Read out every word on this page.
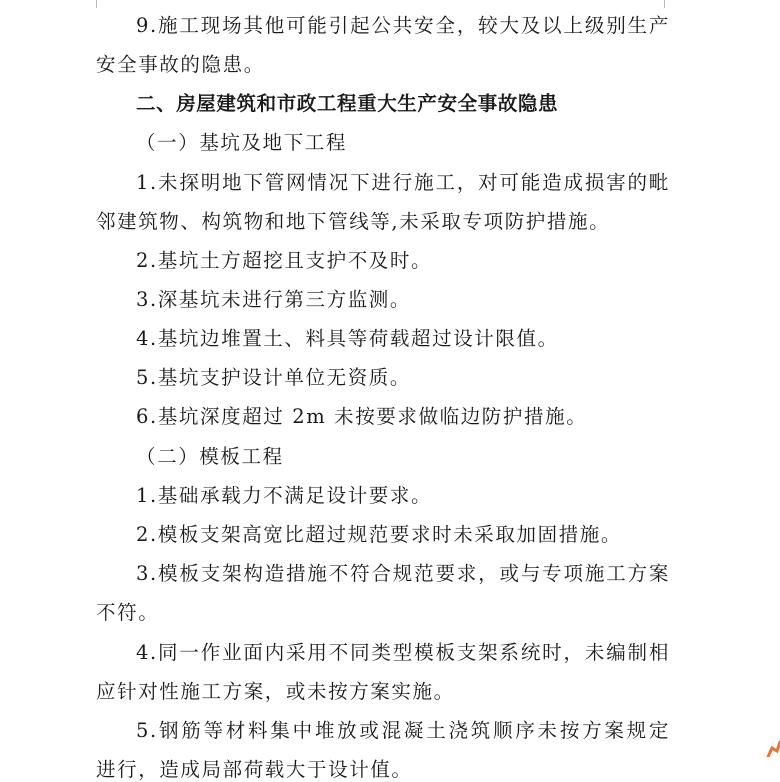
9.施工现场其他可能引起公共安全，较大及以上级别生产
安全事故的隐患。
二、房屋建筑和市政工程重大生产安全事故隐患
（一）基坑及地下工程
1.未探明地下管网情况下进行施工，对可能造成损害的毗
邻建筑物、构筑物和地下管线等,未采取专项防护措施。
2.基坑土方超挖且支护不及时。
3.深基坑未进行第三方监测。
4.基坑边堆置土、料具等荷载超过设计限值。
5.基坑支护设计单位无资质。
6.基坑深度超过 2m 未按要求做临边防护措施。
（二）模板工程
1.基础承载力不满足设计要求。
2.模板支架高宽比超过规范要求时未采取加固措施。
3.模板支架构造措施不符合规范要求，或与专项施工方案
不符。
4.同一作业面内采用不同类型模板支架系统时，未编制相
应针对性施工方案，或未按方案实施。
5.钢筋等材料集中堆放或混凝土浇筑顺序未按方案规定
进行，造成局部荷载大于设计值。
